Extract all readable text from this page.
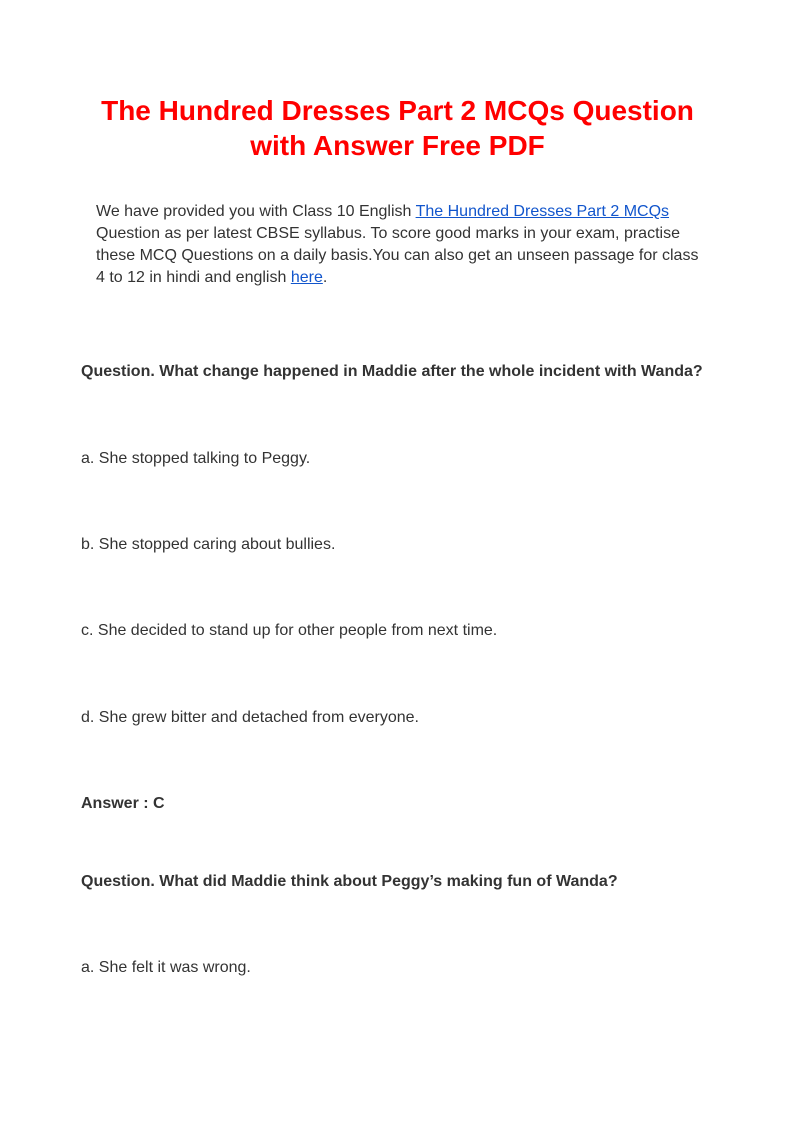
The Hundred Dresses Part 2 MCQs Question
with Answer Free PDF

We have provided you with Class 10 English The Hundred Dresses Part 2 MCQs Question as per latest CBSE syllabus. To score good marks in your exam, practise these MCQ Questions on a daily basis.You can also get an unseen passage for class 4 to 12 in hindi and english here.

Question. What change happened in Maddie after the whole incident with Wanda?

a. She stopped talking to Peggy.

b. She stopped caring about bullies.

c. She decided to stand up for other people from next time.

d. She grew bitter and detached from everyone.

Answer : C

Question. What did Maddie think about Peggy’s making fun of Wanda?

a. She felt it was wrong.
